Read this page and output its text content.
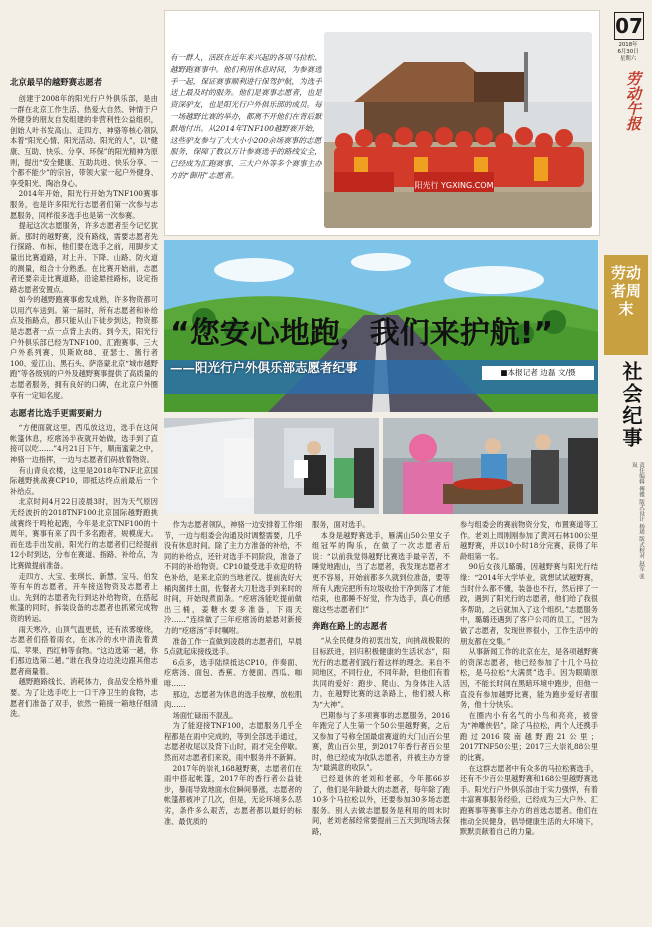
07
2018年
6月30日
星期六
劳动午报
劳动者周末
社会纪事
责任编辑 傅雅 版式设计 杨珺 版式校对 赵军 张岚
有一群人，活跃在近年来兴起的各项马拉松、越野跑赛事中。他们利用休息时间，为参赛选手一起，保证赛事顺利进行保驾护航，为选手送上最及时的服务。他们是赛事志愿者，也是资深驴友，也是阳光行户外俱乐部的成员。每一场越野比赛的举办，都离不开他们在背后默默地付出。从2014年TNF100越野赛开始，这些驴友参与了大大小小200余场赛事的志愿服务，保障了数以万计参赛选手的路线安全，已经成为汇跑赛事、三大户外等多个赛事主办方的“御用”志愿者。
阳光行 YGXING.COM
“您安心地跑，我们来护航!”
——阳光行户外俱乐部志愿者纪事	■本报记者 边磊 文/摄
北京最早的越野赛志愿者

创建于2008年的阳光行户外俱乐部，是由一群在北京工作生活、热爱大自然、钟情于户外健身的朋友自发组建的非营利性公益组织，创始人叶书发高山、走四方、神骆等核心领队本着“阳光心情、阳光活动、阳光的人”，以“健康、互助、快乐、分享、环保”的阳光精神为原则，提出“安全健康、互助共进、快乐分享、一个都不能少”的宗旨，带领大家一起户外健身、享受阳光、陶冶身心。

2014年开始，阳光行开始为TNF100赛事服务，也是许多阳光行志愿者们第一次参与志愿服务，同样很多选手也是第一次参赛。

提起这次志愿服务，许多志愿者至今记忆犹新。那时的越野赛，没有路线，需要志愿者先行探路、布标，他们要在选手之前，用脚步丈量出比赛道路，对上升、下降、山路、防火道的测量，组合十分熟悉。在比赛开始前，志愿者还要亲走比赛道路，沿途悬挂路标，设定指路志愿者安置点。

如今的越野跑赛事愈发成熟，许多物资都可以用汽车送到。第一届时，所有志愿者和补给点及指路点，都只能从山下徒步到达，物资都是志愿者一点一点背上去的。到今天，阳光行户外俱乐部已经为TNF100、汇跑赛事、三大户外系列赛、贝斯欧88、亚瑟士、酱行者100、爱江山、黑石头、萨洛蒙北京“城市越野跑”等各级别的户外及越野赛事提供了高质量的志愿者服务，拥有良好的口碑，在北京户外圈享有一定知名度。

志愿者比选手更需要耐力

“方便面就这里，西瓜放这边，选手在这间帐篷休息，疙瘩汤半夜就开始做，选手到了直接可以吃……”4月21日下午，顺南蜜蒙之中，神骆一边指挥，一边与志愿者们码放着物资。

有山青良衣楼，这里是2018年TNF北京国际越野挑战赛CP10，即抵达终点前最后一个补给点。

北京时间4月22日凌晨3时，因为天气原因无经波折的2018TNF100北京国际越野跑挑战赛终于鸣枪起跑，今年是北京TNF100的十周年，赛事有来了四千多名跑者，规模庞大。而在选手出发前，阳光行的志愿者们已经提前12小时到达，分布在赛道、指路、补给点，为比赛做提前准备。

走四方、大宝、张琪长、新慧、宝马、伯发等有车的志愿者，开车接送物资及志愿者上山。先到的志愿者先行到达补给物资，在搭起帐篷的同时，拆装设备的志愿者也抓紧完成物资的转运。

雨天寒冷，山顶气温更低，还有浓雾缭绕，志愿者们搭着雨衣，在冰冷的水中清洗着黄瓜、苹果、西红柿等食物。“这边选第一趟，你们那边选第二趟。”谁在我身边边洗边跟其他志愿者商量着。

越野跑路线长、消耗体力，食品安全格外重要。为了让选手吃上一口干净卫生的食物，志愿者们准备了双手，依然一箱接一箱地仔细清洗。

作为志愿者领队，神骆一边安排着工作细节，一边与组委会沟通及时调整需要，几乎没有休息时间。除了主力方准备的补给，不同的补给点，还针对选手不同阶段，准备了不同的补给物资。CP10最受选手欢迎的特色补给，是来北京的当地老汉。提前洗好大桶肉酱拌土面，佐餐者大刀肚选手到来时的时间，开始现煮面条。“疙瘩汤能吃提前做出三桶，姜糖水要多准备，下雨天冷……”连续做了三年疙瘩汤的悬悬对新接力的“疙瘩汤”手时嘱咐。

准备工作一直做到凌晨的志愿者们，早晨5点就起床接线选手。

6点多，选手陆续抵达CP10。伴奏面、疙瘩汤、面包、香蕉、方便面、西瓜、咖啡……

那边，志愿者为休息的选手按摩，放松肌肉……

场面忙碌而不混乱。

为了能迎接TNF100，志愿服务几乎全程都是在雨中完成的，等到全部选手通过，志愿者收尾以及背下山时，雨才完全停歇。然而对志愿者们来说，雨中服务并不新鲜。

2017年的崇礼168越野赛，志愿者们在雨中搭起帐篷，2017年的香行者公益徒步，暴雨导致地面水位瞬间暴涨，志愿者的帐篷都被冲了几次，但是，无论环境多么恶劣，条件多么艰苦，志愿者都以最好的标准、最优质的

服务，面对选手。

本身是越野赛选手，雁满山50公里女子组冠军的陶乐，在做了一次志愿者后说：“以前我觉得越野比赛选手最辛苦，不睡觉地跑山，当了志愿者，我发现志愿者才更不容易，开始前都多久就到位准备，要等所有人跑完把所有垃圾收拾干净到落了才能结束，也都睡不好觉，作为选手，真心的感谢这些志愿者们!”

奔跑在路上的志愿者

“从全民健身的初衷出发，向挑战极限的目标跃进，回归积极健康的生活状态”，阳光行的志愿者们践行着这样的理念。来自不同地区，不同行业，不同年龄，但他们有着共同的爱好：跑步、爬山、为身体注入活力，在越野比赛的这条路上，他们被人称为“大神”。

巴期参与了多项赛事的志愿服务，2016年跑完了人生第一个50公里越野赛，之后又参加了号称全国最虐赛道的大门山百公里赛，黄山百公里，到2017年香行者百公里时，他已经成为收队志愿者，并被主办方誉为“最满意的收队”。

已经退休的老刘和老郝，今年都66岁了，他们是年龄最大的志愿者，每年除了跑10多个马拉松以外，还要参加30多场志愿服务。别人去做志愿服务是利用的周末时间，老刘老郝经常要提前三五天到现场去探路，

参与组委会的赛前物资分发，布置赛道等工作。老刘上周刚刚参加了黄河石林100公里越野赛，并以10小时18分完赛，获得了年龄组第一名。

90后女孩儿璐璐，因越野赛与阳光行结缘：“2014年大学毕业，就想试试越野赛，当时什么都不懂，装备也不行，然后摔了一跤，遇到了阳光行的志愿者，他们给了我很多帮助，之后就加入了这个组织。”志愿服务中，璐璐还遇到了客户公司的员工，“因为做了志愿者，发现世界很小，工作生活中的朋友都在交集。”

从事新闻工作的北京在左，是各项越野赛的资深志愿者，他已经参加了十几个马拉松，是马拉松“大满贯”选手。因为眼睛原因，不能长时间在黑暗环境中跑步，但他一直没有参加越野比赛，能为跑步爱好者服务，他十分快乐。

在圈内小有名气的小鸟和亮亮，被誉为“神雕侠侣”，除了马拉松，两个人还携手跑过2016陵南越野跑21公里；2017TNF50公里；2017三大崇礼88公里的比赛。

在这群志愿者中有众多的马拉松赛选手，还有不少百公里越野赛和168公里越野赛选手。阳光行户外俱乐部由于实力强悍，有着丰富赛事服务经验，已经成为三大户外、汇跑赛事等赛事主办方的首选志愿者。他们在推动全民健身，倡导健康生活的大环境下，默默贡献着自己的力量。
